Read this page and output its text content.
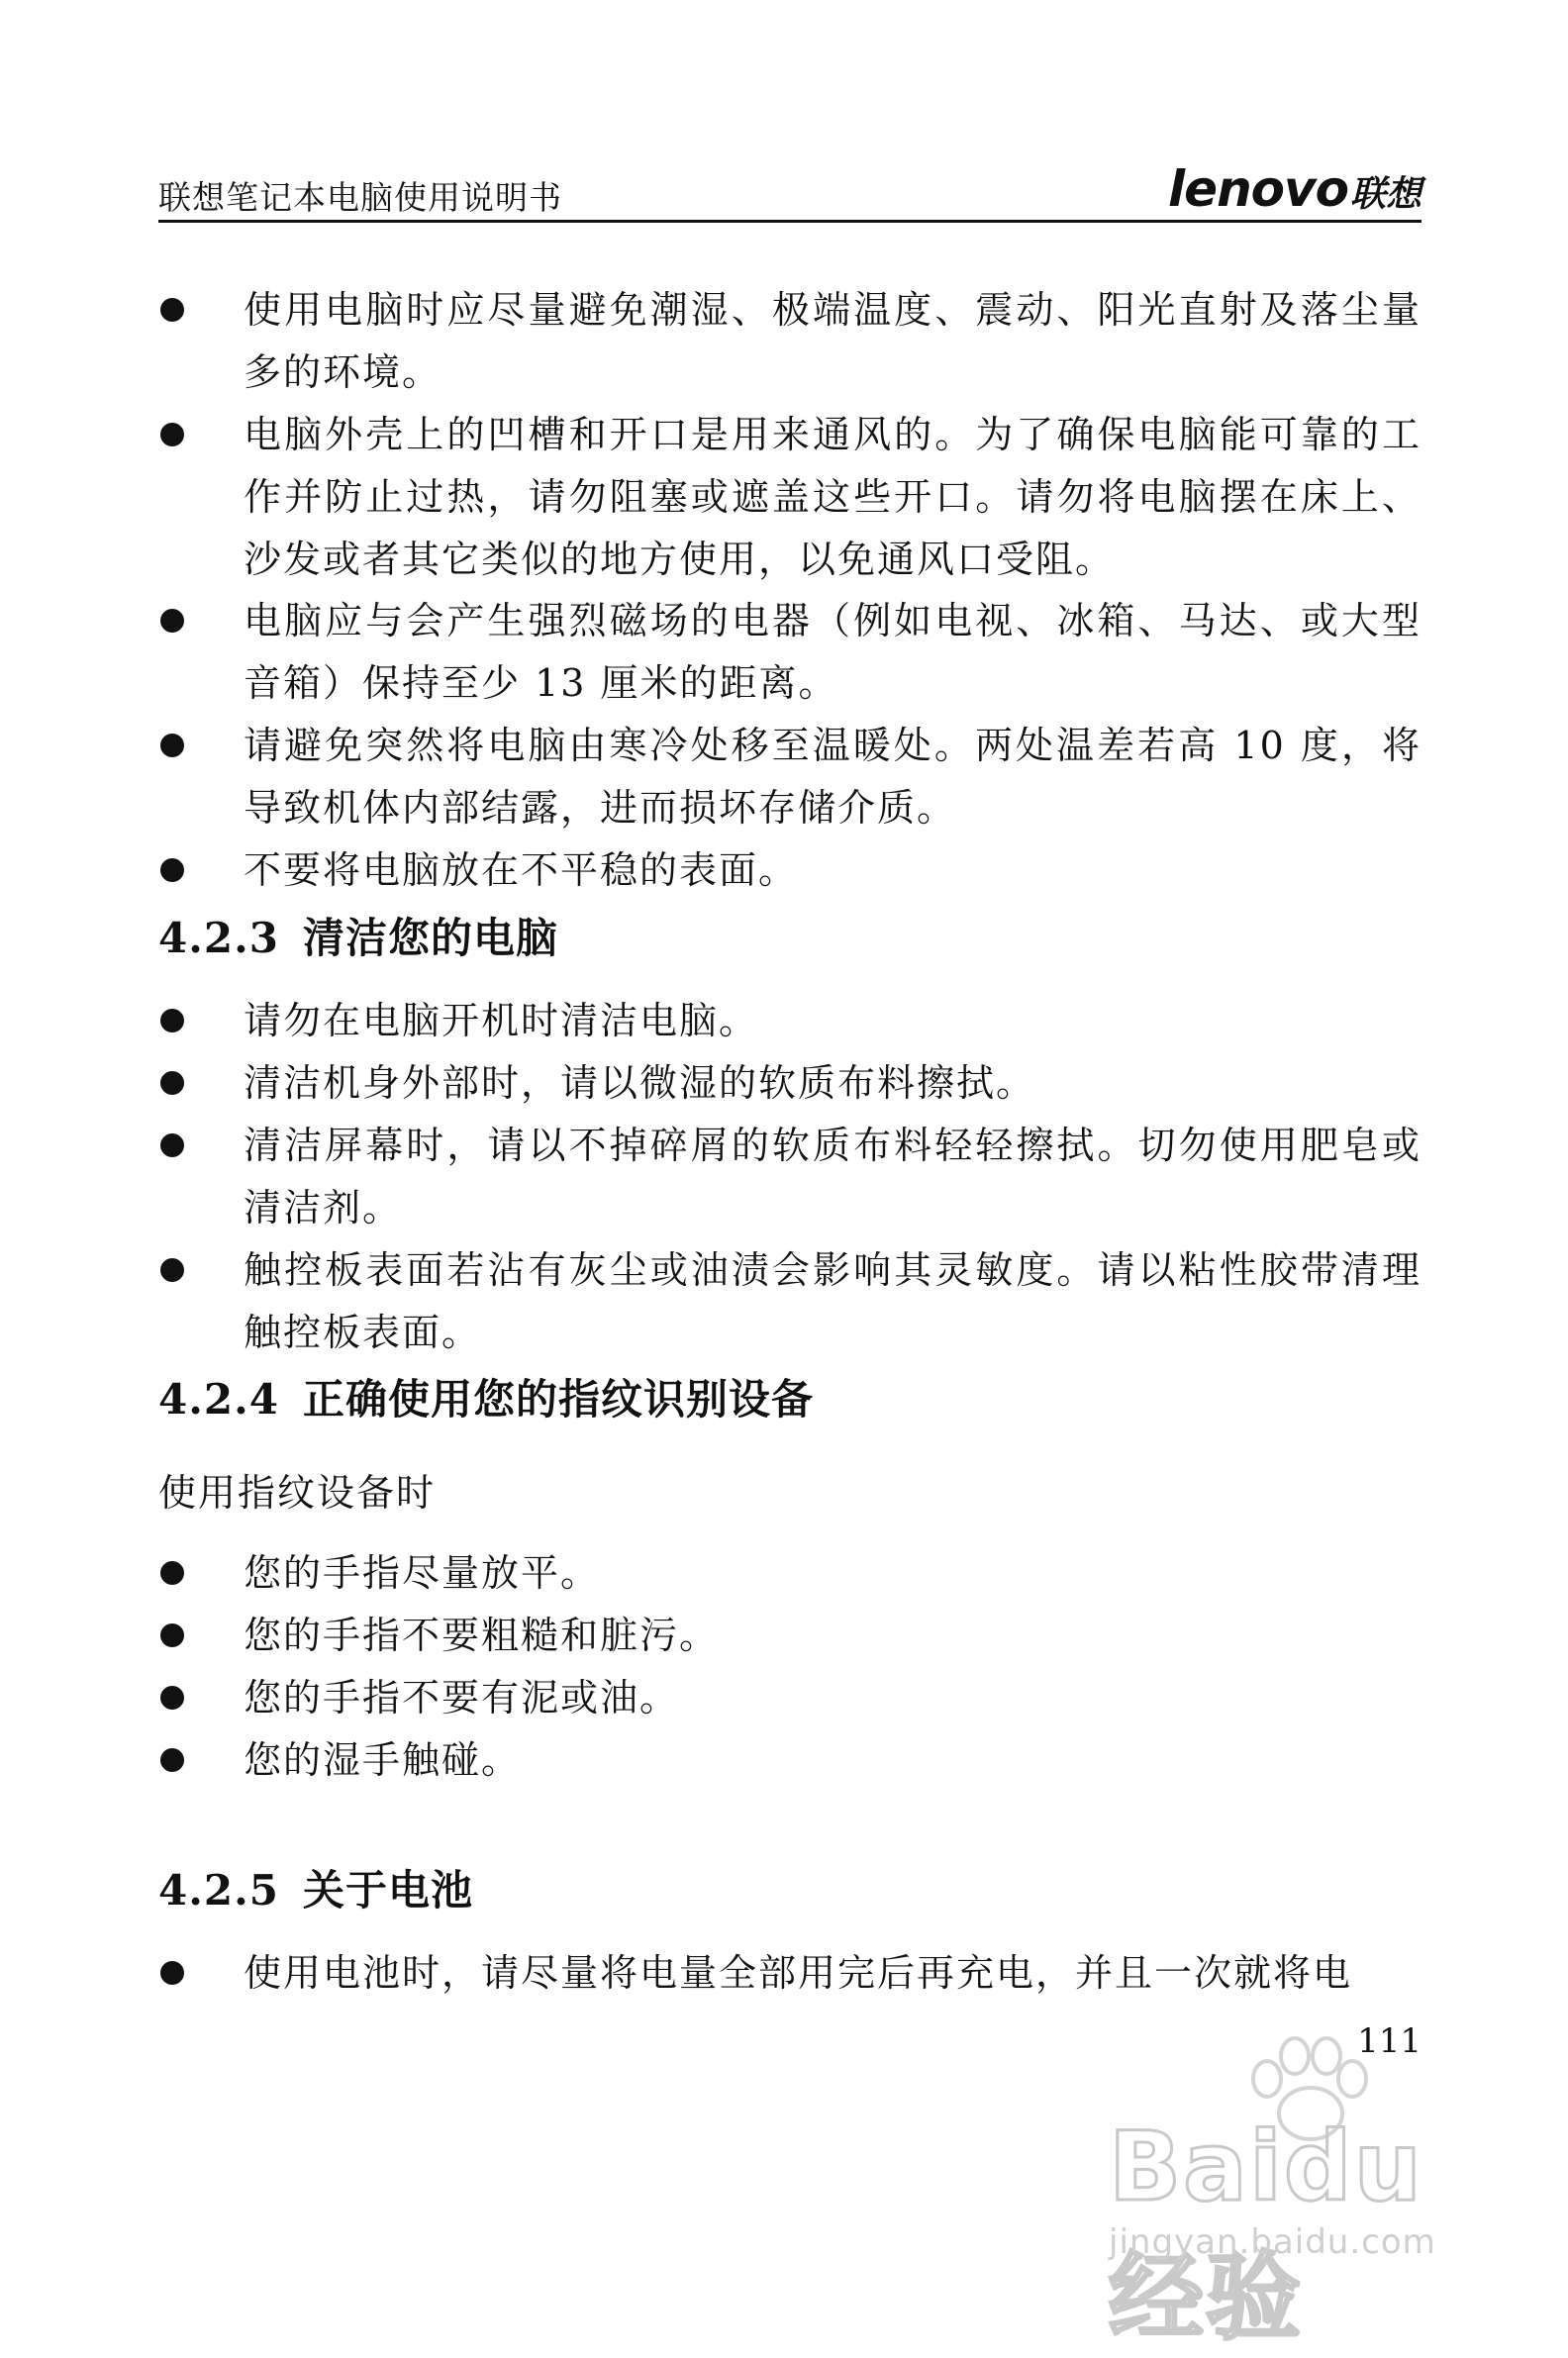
联想笔记本电脑使用说明书	lenovo 联想
使用电脑时应尽量避免潮湿、极端温度、震动、阳光直射及落尘量多的环境。
电脑外壳上的凹槽和开口是用来通风的。为了确保电脑能可靠的工作并防止过热，请勿阻塞或遮盖这些开口。请勿将电脑摆在床上、沙发或者其它类似的地方使用，以免通风口受阻。
电脑应与会产生强烈磁场的电器（例如电视、冰箱、马达、或大型音箱）保持至少 13 厘米的距离。
请避免突然将电脑由寒冷处移至温暖处。两处温差若高 10 度，将导致机体内部结露，进而损坏存储介质。
不要将电脑放在不平稳的表面。
4.2.3 清洁您的电脑
请勿在电脑开机时清洁电脑。
清洁机身外部时，请以微湿的软质布料擦拭。
清洁屏幕时，请以不掉碎屑的软质布料轻轻擦拭。切勿使用肥皂或清洁剂。
触控板表面若沾有灰尘或油渍会影响其灵敏度。请以粘性胶带清理触控板表面。
4.2.4 正确使用您的指纹识别设备
使用指纹设备时
您的手指尽量放平。
您的手指不要粗糙和脏污。
您的手指不要有泥或油。
您的湿手触碰。
4.2.5 关于电池
使用电池时，请尽量将电量全部用完后再充电，并且一次就将电
111
Baidu经验
jingyan.baidu.com
